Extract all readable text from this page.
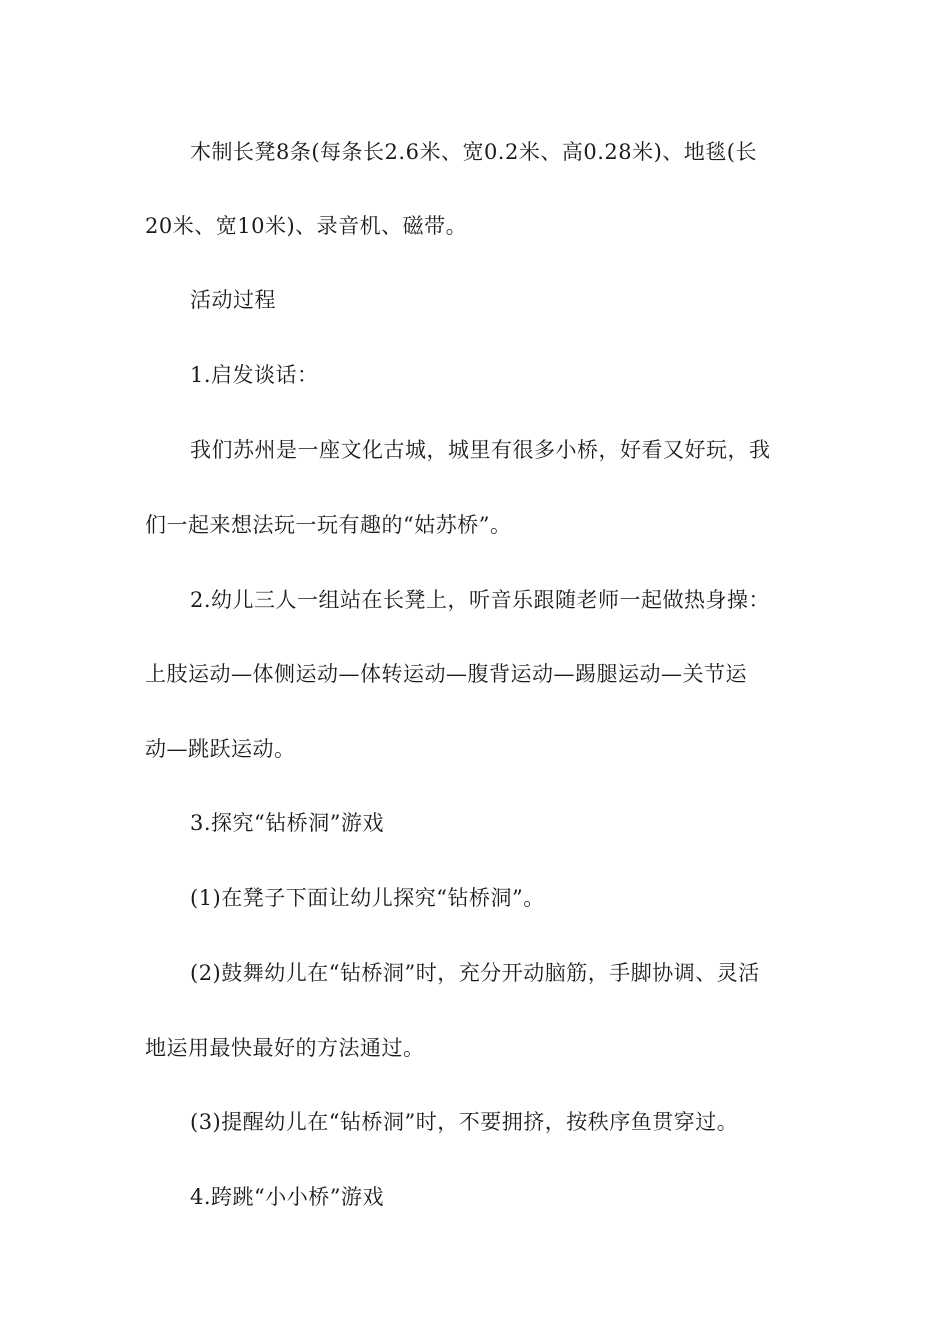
木制长凳8条(每条长2.6米、宽0.2米、高0.28米)、地毯(长
20米、宽10米)、录音机、磁带。
活动过程
1.启发谈话：
我们苏州是一座文化古城，城里有很多小桥，好看又好玩，我
们一起来想法玩一玩有趣的“姑苏桥”。
2.幼儿三人一组站在长凳上，听音乐跟随老师一起做热身操：
上肢运动—体侧运动—体转运动—腹背运动—踢腿运动—关节运
动—跳跃运动。
3.探究“钻桥洞”游戏
(1)在凳子下面让幼儿探究“钻桥洞”。
(2)鼓舞幼儿在“钻桥洞”时，充分开动脑筋，手脚协调、灵活
地运用最快最好的方法通过。
(3)提醒幼儿在“钻桥洞”时，不要拥挤，按秩序鱼贯穿过。
4.跨跳“小小桥”游戏
